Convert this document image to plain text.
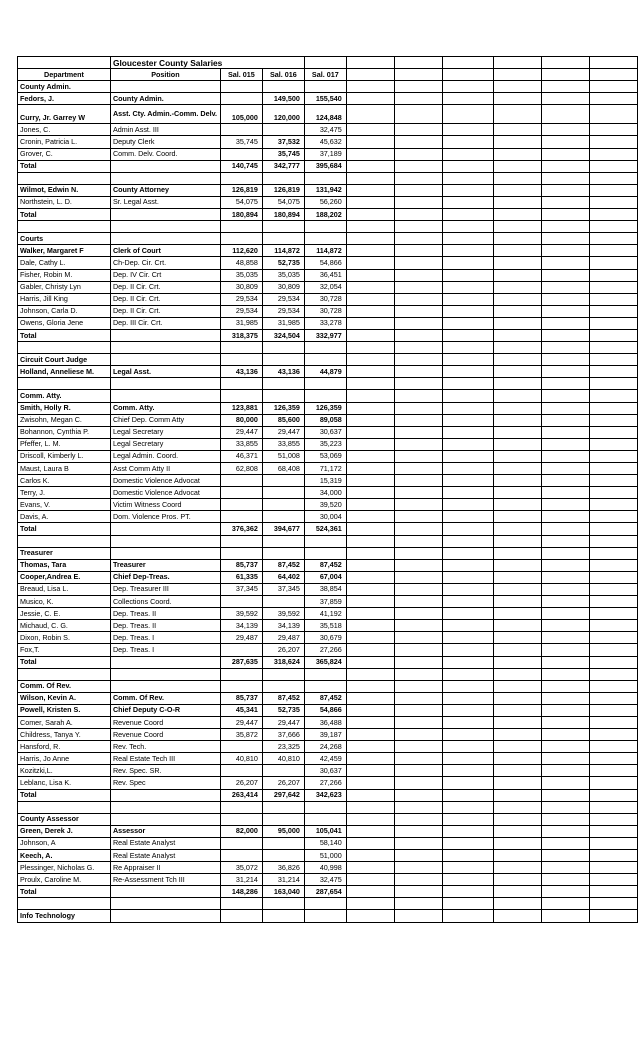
	Gloucester County Salaries									
Department	Position	Sal. 015	Sal. 016	Sal. 017						
County Admin.										
Fedors, J.	County Admin.		149,500	155,540						
Curry, Jr. Garrey W	Asst. Cty. Admin.-Comm. Delv.	105,000	120,000	124,848						
Jones, C.	Admin Asst. III			32,475						
Cronin, Patricia L.	Deputy Clerk	35,745	37,532	45,632						
Grover, C.	Comm. Delv. Coord.		35,745	37,189						
Total		140,745	342,777	395,684						

Wilmot, Edwin N.	County Attorney	126,819	126,819	131,942						
Northstein, L. D.	Sr. Legal Asst.	54,075	54,075	56,260						
Total		180,894	180,894	188,202						

Courts										
Walker, Margaret F	Clerk of Court	112,620	114,872	114,872						
Dale, Cathy L.	Ch-Dep. Cir. Crt.	48,858	52,735	54,866						
Fisher, Robin M.	Dep. IV Cir. Crt	35,035	35,035	36,451						
Gabler, Christy Lyn	Dep. II Cir. Crt.	30,809	30,809	32,054						
Harris, Jill King	Dep. II Cir. Crt.	29,534	29,534	30,728						
Johnson, Carla D.	Dep. II Cir. Crt.	29,534	29,534	30,728						
Owens, Gloria Jene	Dep. III Cir. Crt.	31,985	31,985	33,278						
Total		318,375	324,504	332,977						

Circuit Court Judge										
Holland, Anneliese M.	Legal Asst.	43,136	43,136	44,879						

Comm. Atty.										
Smith, Holly R.	Comm. Atty.	123,881	126,359	126,359						
Zwisohn, Megan C.	Chief Dep. Comm Atty	80,000	85,600	89,058						
Bohannon, Cynthia P.	Legal Secretary	29,447	29,447	30,637						
Pfeffer, L. M.	Legal Secretary	33,855	33,855	35,223						
Driscoll, Kimberly L.	Legal Admin. Coord.	46,371	51,008	53,069						
Maust, Laura B	Asst Comm Atty II	62,808	68,408	71,172						
Carlos K.	Domestic Violence Advocat			15,319						
Terry, J.	Domestic Violence Advocat			34,000						
Evans, V.	Victim Witness Coord			39,520						
Davis, A.	Dom. Violence Pros. PT.			30,004						
Total		376,362	394,677	524,361						

Treasurer										
Thomas, Tara	Treasurer	85,737	87,452	87,452						
Cooper,Andrea E.	Chief Dep-Treas.	61,335	64,402	67,004						
Breaud, Lisa L.	Dep. Treasurer III	37,345	37,345	38,854						
Musico, K.	Collections Coord.			37,859						
Jessie, C. E.	Dep. Treas. II	39,592	39,592	41,192						
Michaud, C. G.	Dep. Treas. II	34,139	34,139	35,518						
Dixon, Robin S.	Dep. Treas. I	29,487	29,487	30,679						
Fox,T.	Dep. Treas. I		26,207	27,266						
Total		287,635	318,624	365,824						

Comm. Of Rev.										
Wilson, Kevin A.	Comm. Of Rev.	85,737	87,452	87,452						
Powell, Kristen S.	Chief Deputy C-O-R	45,341	52,735	54,866						
Comer, Sarah A.	Revenue Coord	29,447	29,447	36,488						
Childress, Tanya Y.	Revenue Coord	35,872	37,666	39,187						
Hansford, R.	Rev. Tech.		23,325	24,268						
Harris, Jo Anne	Real Estate Tech III	40,810	40,810	42,459						
Kozitzki,L.	Rev. Spec. SR.			30,637						
Leblanc, Lisa K.	Rev. Spec	26,207	26,207	27,266						
Total		263,414	297,642	342,623						

County Assessor										
Green, Derek J.	Assessor	82,000	95,000	105,041						
Johnson, A	Real Estate Analyst			58,140						
Keech, A.	Real Estate Analyst			51,000						
Plessinger, Nicholas G.	Re Appraiser II	35,072	36,826	40,998						
Proulx, Caroline M.	Re-Assessment Tch III	31,214	31,214	32,475						
Total		148,286	163,040	287,654						

Info Technology										
